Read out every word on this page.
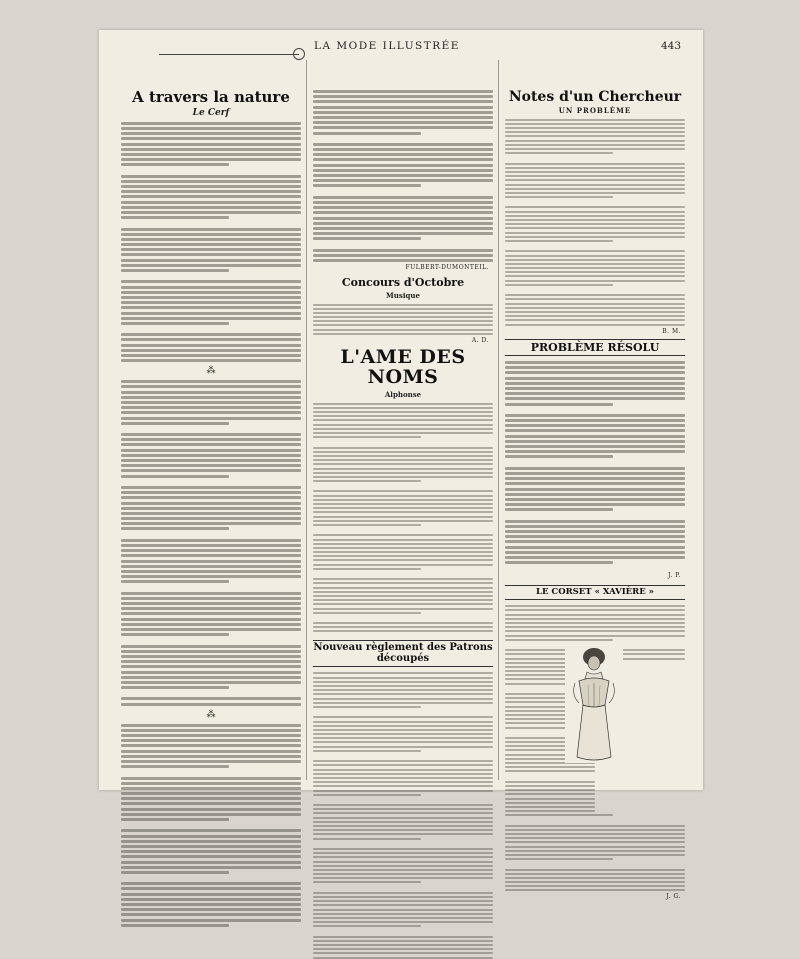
LA MODE ILLUSTRÉE	443
A travers la nature
Le Cerf
⁂
⁂
FULBERT-DUMONTEIL.
Concours d'Octobre
Musique
A. D.
L'AME DES NOMS
Alphonse
Nouveau règlement des Patrons découpés
Notes d'un Chercheur
UN PROBLÈME
B. M.
PROBLÈME RÉSOLU
J. P.
LE CORSET « XAVIÈRE »
J. G.
